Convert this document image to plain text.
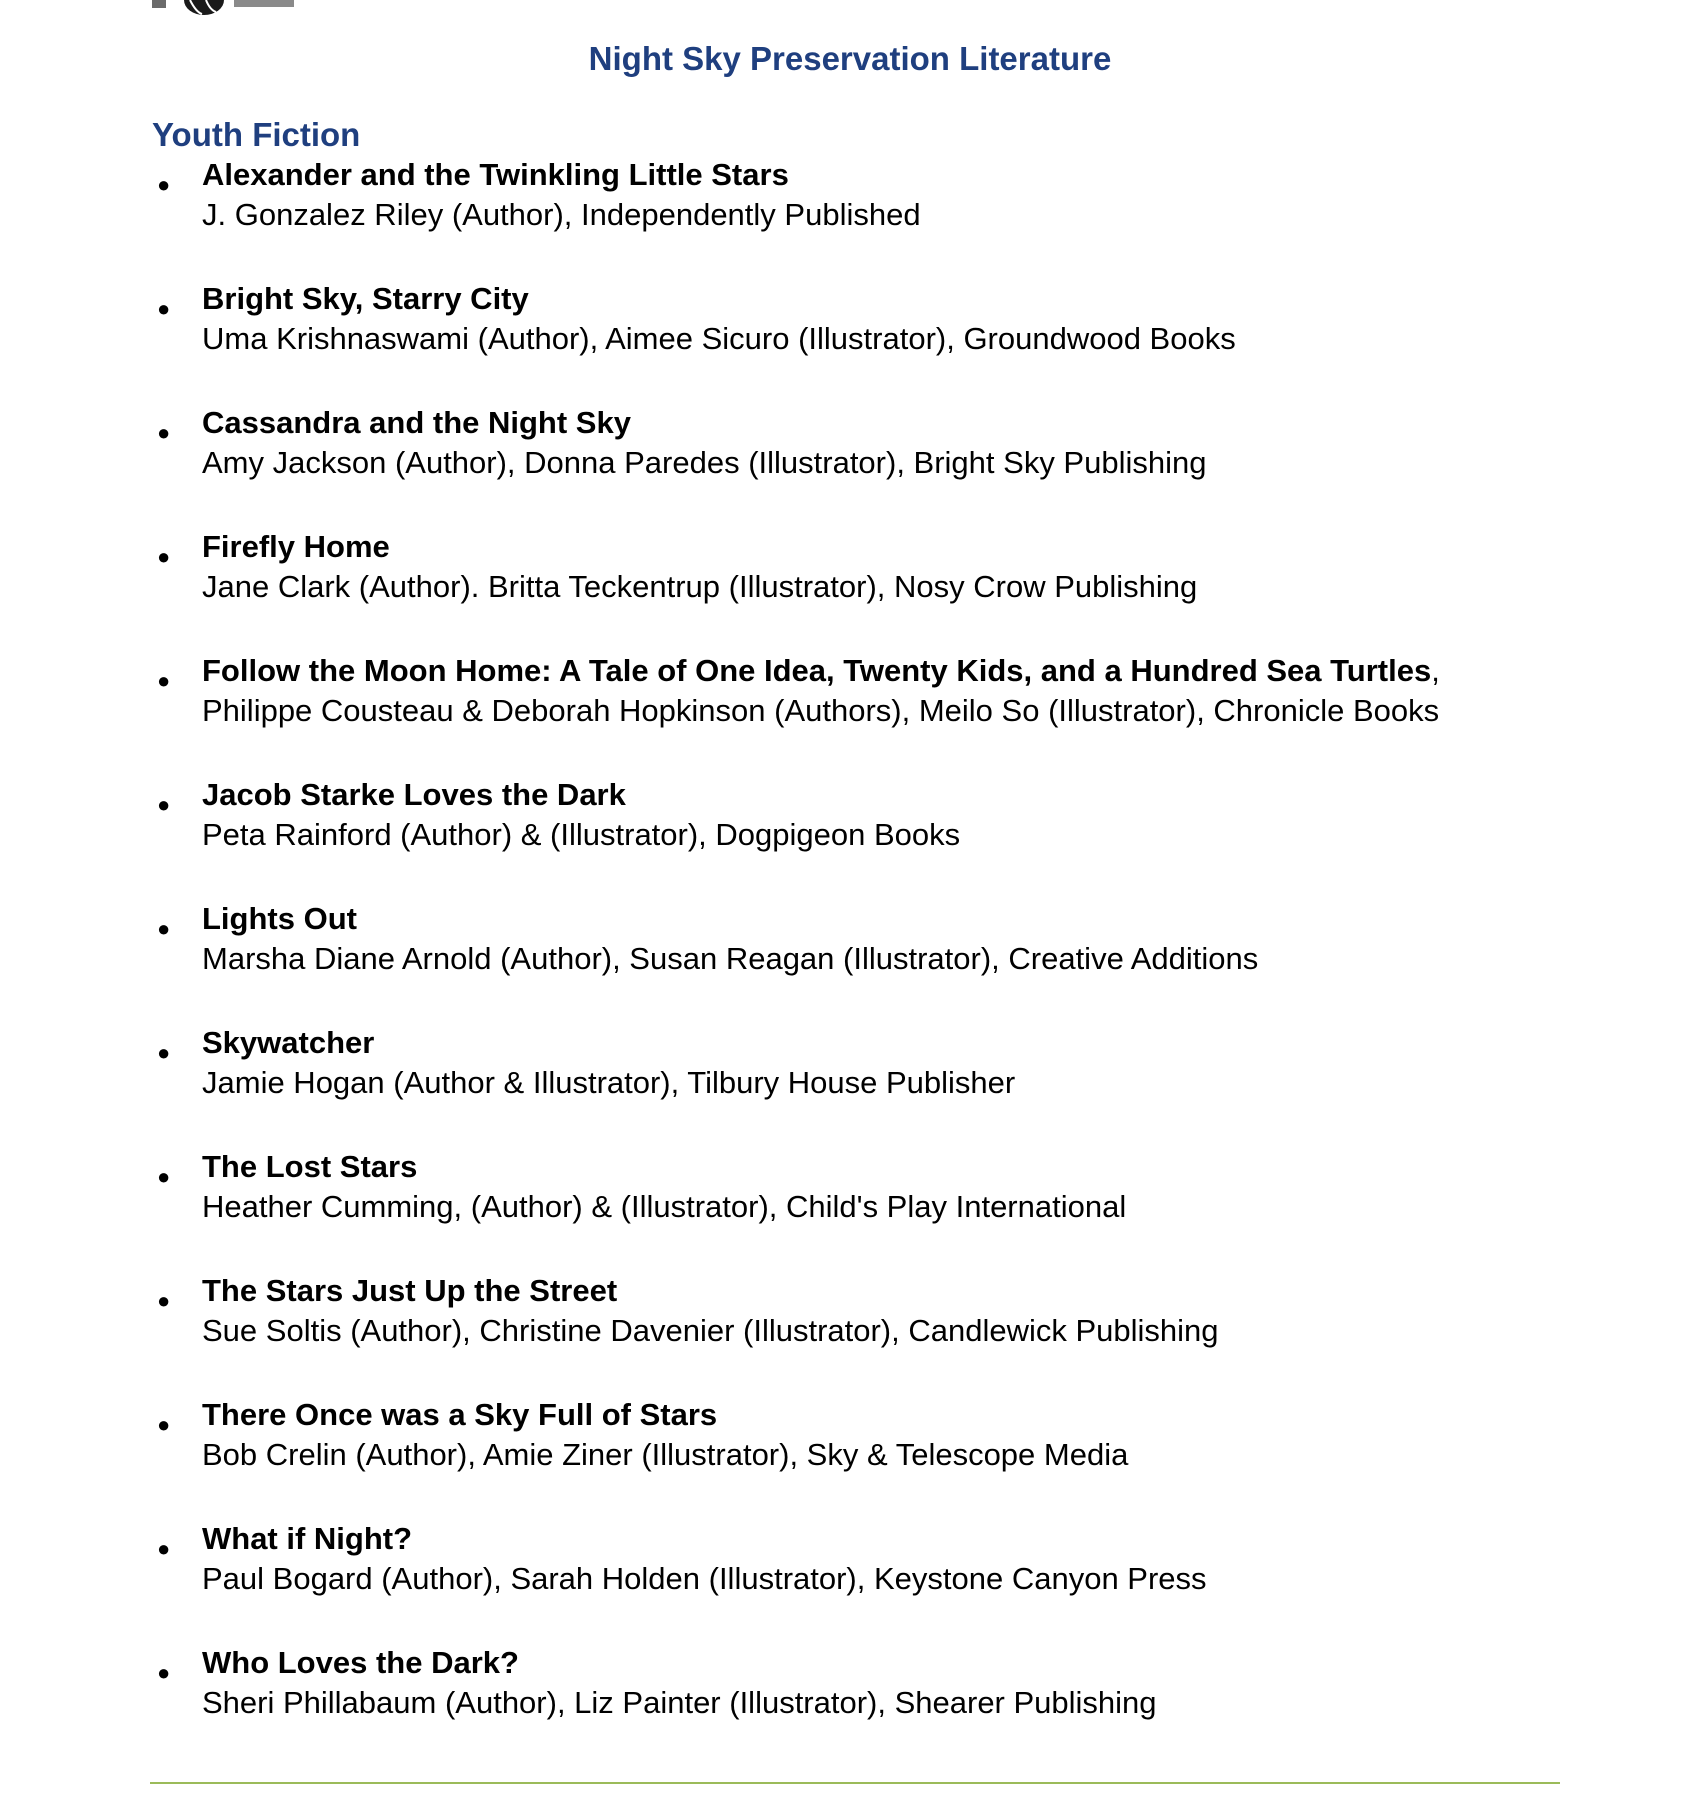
Night Sky Preservation Literature
Youth Fiction
● Alexander and the Twinkling Little Stars
J. Gonzalez Riley (Author), Independently Published
● Bright Sky, Starry City
Uma Krishnaswami (Author), Aimee Sicuro (Illustrator), Groundwood Books
● Cassandra and the Night Sky
Amy Jackson (Author), Donna Paredes (Illustrator), Bright Sky Publishing
● Firefly Home
Jane Clark (Author). Britta Teckentrup (Illustrator), Nosy Crow Publishing
● Follow the Moon Home: A Tale of One Idea, Twenty Kids, and a Hundred Sea Turtles,
Philippe Cousteau & Deborah Hopkinson (Authors), Meilo So (Illustrator), Chronicle Books
● Jacob Starke Loves the Dark
Peta Rainford (Author) & (Illustrator), Dogpigeon Books
● Lights Out
Marsha Diane Arnold (Author), Susan Reagan (Illustrator), Creative Additions
● Skywatcher
Jamie Hogan (Author & Illustrator), Tilbury House Publisher
● The Lost Stars
Heather Cumming, (Author) & (Illustrator), Child's Play International
● The Stars Just Up the Street
Sue Soltis (Author), Christine Davenier (Illustrator), Candlewick Publishing
● There Once was a Sky Full of Stars
Bob Crelin (Author), Amie Ziner (Illustrator), Sky & Telescope Media
● What if Night?
Paul Bogard (Author), Sarah Holden (Illustrator), Keystone Canyon Press
● Who Loves the Dark?
Sheri Phillabaum (Author), Liz Painter (Illustrator), Shearer Publishing
